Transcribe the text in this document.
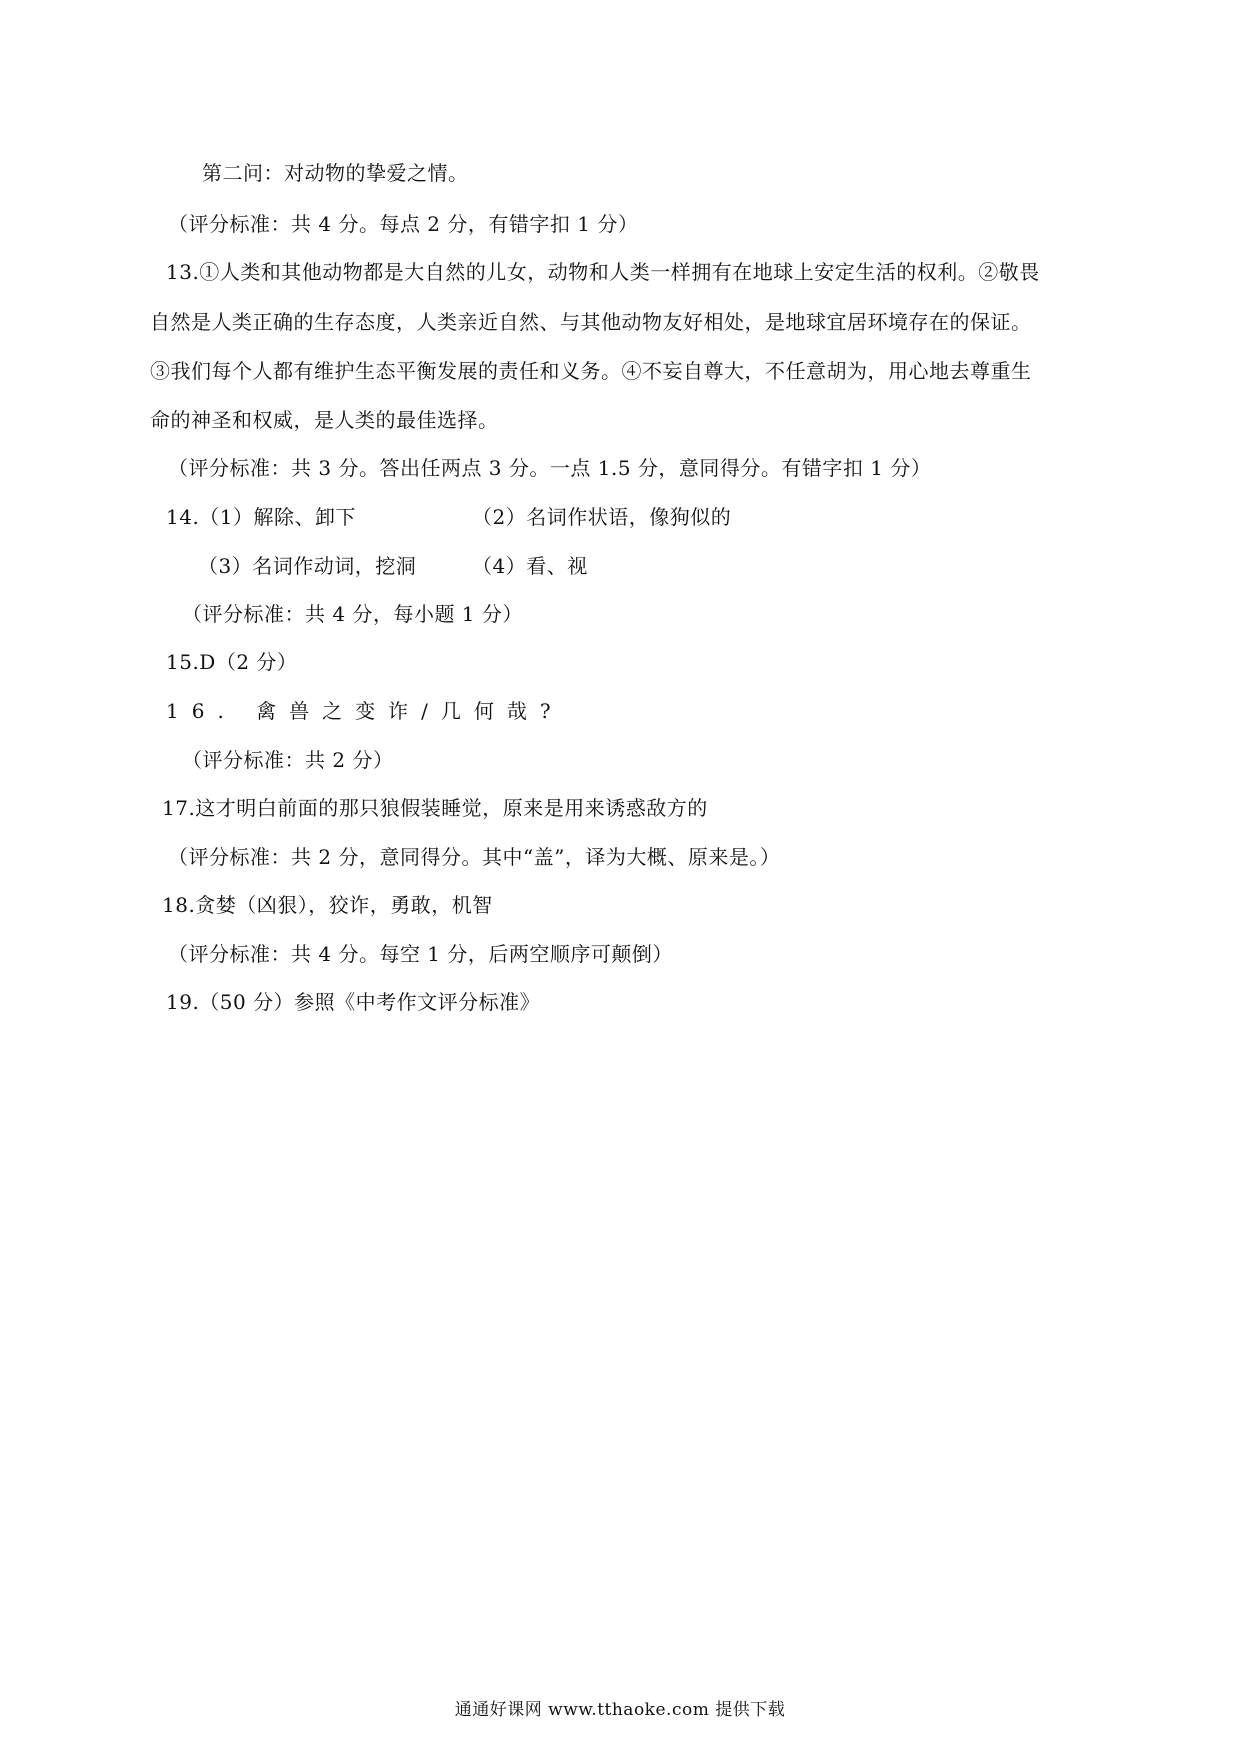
第二问：对动物的挚爱之情。
（评分标准：共 4 分。每点 2 分，有错字扣 1 分）
13.①人类和其他动物都是大自然的儿女，动物和人类一样拥有在地球上安定生活的权利。②敬畏
自然是人类正确的生存态度，人类亲近自然、与其他动物友好相处，是地球宜居环境存在的保证。
③我们每个人都有维护生态平衡发展的责任和义务。④不妄自尊大，不任意胡为，用心地去尊重生
命的神圣和权威，是人类的最佳选择。
（评分标准：共 3 分。答出任两点 3 分。一点 1.5 分，意同得分。有错字扣 1 分）
14.（1）解除、卸下	（2）名词作状语，像狗似的
（3）名词作动词，挖洞	（4）看、视
（评分标准：共 4 分，每小题 1 分）
15.D（2 分）
16. 禽兽之变诈/几何哉?
（评分标准：共 2 分）
17.这才明白前面的那只狼假装睡觉，原来是用来诱惑敌方的
（评分标准：共 2 分，意同得分。其中“盖”，译为大概、原来是。）
18.贪婪（凶狠），狡诈，勇敢，机智
（评分标准：共 4 分。每空 1 分，后两空顺序可颠倒）
19.（50 分）参照《中考作文评分标准》
通通好课网 www.tthaoke.com 提供下载
